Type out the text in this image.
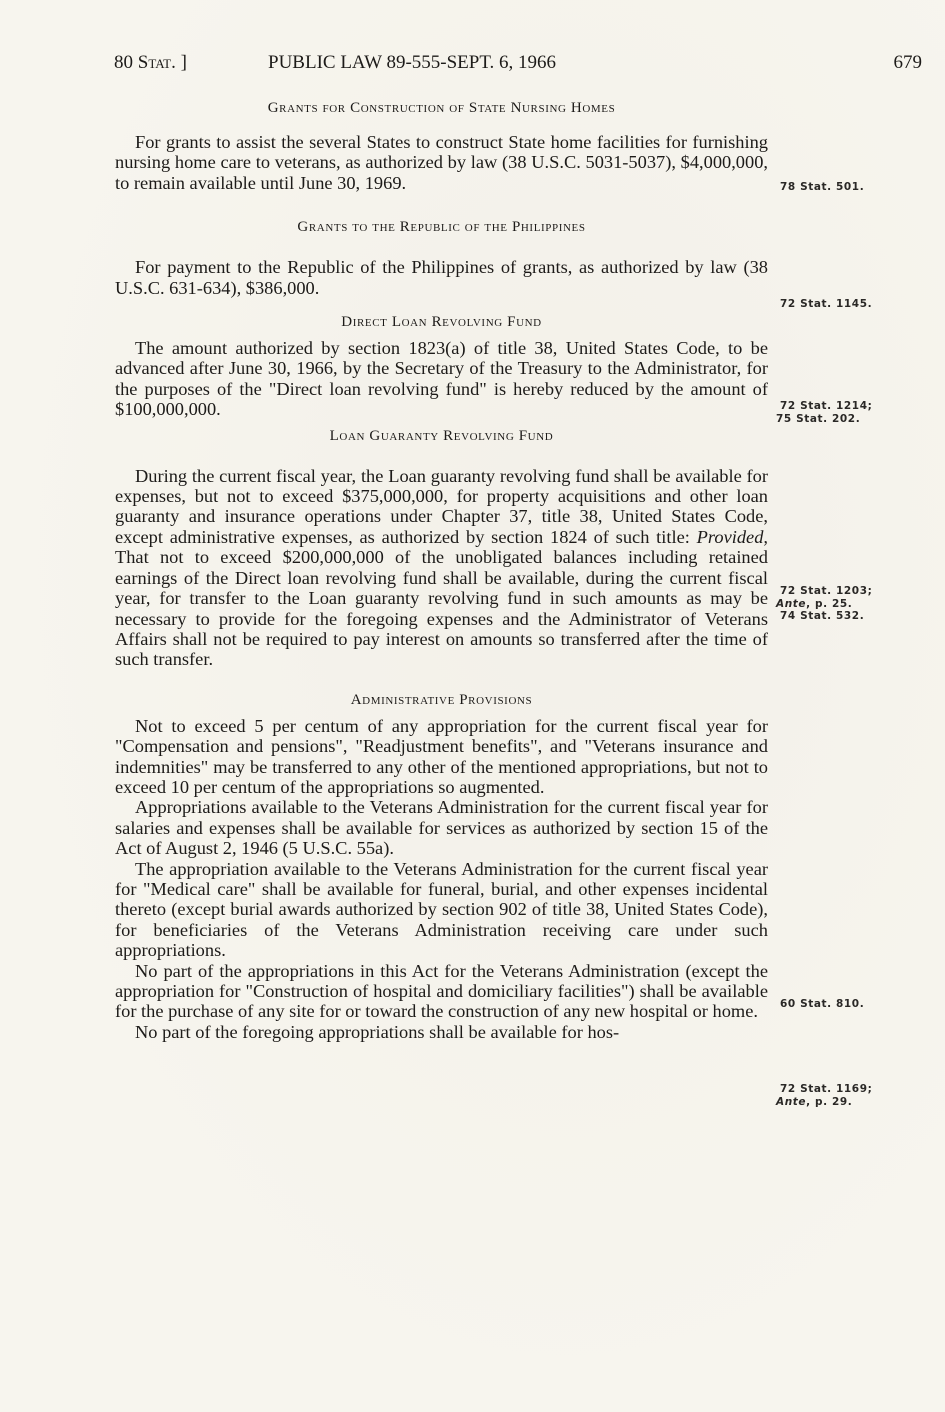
80 Stat. ]	PUBLIC LAW 89-555-SEPT. 6, 1966	679

Grants for Construction of State Nursing Homes

For grants to assist the several States to construct State home facilities for furnishing nursing home care to veterans, as authorized by law (38 U.S.C. 5031-5037), $4,000,000, to remain available until June 30, 1969.

Grants to the Republic of the Philippines

For payment to the Republic of the Philippines of grants, as authorized by law (38 U.S.C. 631-634), $386,000.

Direct Loan Revolving Fund

The amount authorized by section 1823(a) of title 38, United States Code, to be advanced after June 30, 1966, by the Secretary of the Treasury to the Administrator, for the purposes of the "Direct loan revolving fund" is hereby reduced by the amount of $100,000,000.

Loan Guaranty Revolving Fund

During the current fiscal year, the Loan guaranty revolving fund shall be available for expenses, but not to exceed $375,000,000, for property acquisitions and other loan guaranty and insurance operations under Chapter 37, title 38, United States Code, except administrative expenses, as authorized by section 1824 of such title: Provided, That not to exceed $200,000,000 of the unobligated balances including retained earnings of the Direct loan revolving fund shall be available, during the current fiscal year, for transfer to the Loan guaranty revolving fund in such amounts as may be necessary to provide for the foregoing expenses and the Administrator of Veterans Affairs shall not be required to pay interest on amounts so transferred after the time of such transfer.

Administrative Provisions

Not to exceed 5 per centum of any appropriation for the current fiscal year for "Compensation and pensions", "Readjustment benefits", and "Veterans insurance and indemnities" may be transferred to any other of the mentioned appropriations, but not to exceed 10 per centum of the appropriations so augmented.

Appropriations available to the Veterans Administration for the current fiscal year for salaries and expenses shall be available for services as authorized by section 15 of the Act of August 2, 1946 (5 U.S.C. 55a).

The appropriation available to the Veterans Administration for the current fiscal year for "Medical care" shall be available for funeral, burial, and other expenses incidental thereto (except burial awards authorized by section 902 of title 38, United States Code), for beneficiaries of the Veterans Administration receiving care under such appropriations.

No part of the appropriations in this Act for the Veterans Administration (except the appropriation for "Construction of hospital and domiciliary facilities") shall be available for the purchase of any site for or toward the construction of any new hospital or home.

No part of the foregoing appropriations shall be available for hos-

78 Stat. 501.
72 Stat. 1145.
72 Stat. 1214;
75 Stat. 202.
72 Stat. 1203;
Ante, p. 25.
74 Stat. 532.
60 Stat. 810.
72 Stat. 1169;
Ante, p. 29.
